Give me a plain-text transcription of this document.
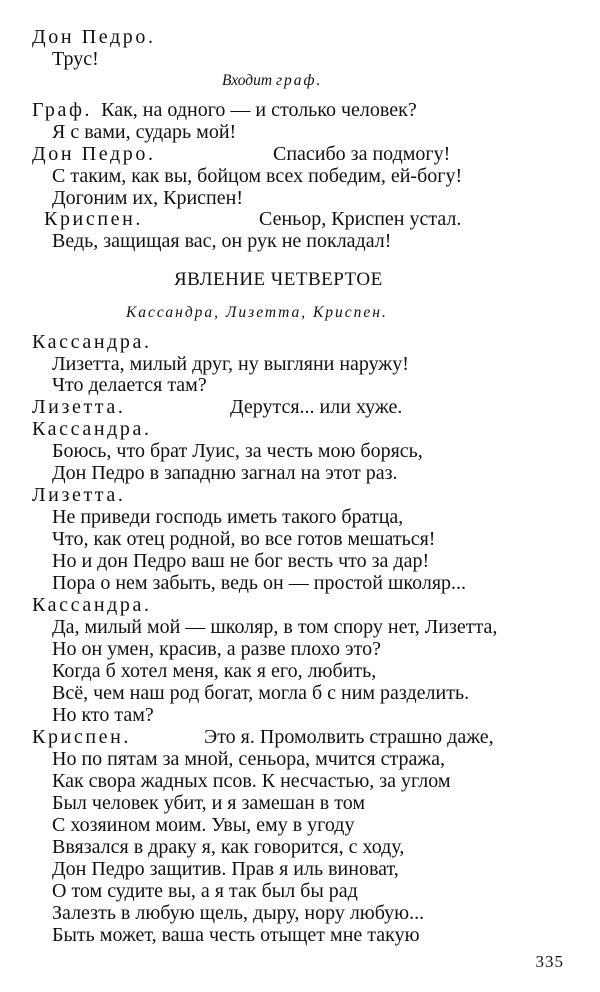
Дон Педро.
Трус!
Входит граф.
Граф. Как, на одного — и столько человек?
Я с вами, сударь мой!
Дон Педро.	Спасибо за подмогу!
С таким, как вы, бойцом всех победим, ей-богу!
Догоним их, Криспен!
Криспен.	Сеньор, Криспен устал.
Ведь, защищая вас, он рук не покладал!
ЯВЛЕНИЕ ЧЕТВЕРТОЕ
Кассандра, Лизетта, Криспен.
Кассандра.
Лизетта, милый друг, ну выгляни наружу!
Что делается там?
Лизетта.	Дерутся... или хуже.
Кассандра.
Боюсь, что брат Луис, за честь мою борясь,
Дон Педро в западню загнал на этот раз.
Лизетта.
Не приведи господь иметь такого братца,
Что, как отец родной, во все готов мешаться!
Но и дон Педро ваш не бог весть что за дар!
Пора о нем забыть, ведь он — простой школяр...
Кассандра.
Да, милый мой — школяр, в том спору нет, Лизетта,
Но он умен, красив, а разве плохо это?
Когда б хотел меня, как я его, любить,
Всё, чем наш род богат, могла б с ним разделить.
Но кто там?
Криспен.	Это я. Промолвить страшно даже,
Но по пятам за мной, сеньора, мчится стража,
Как свора жадных псов. К несчастью, за углом
Был человек убит, и я замешан в том
С хозяином моим. Увы, ему в угоду
Ввязался в драку я, как говорится, с ходу,
Дон Педро защитив. Прав я иль виноват,
О том судите вы, а я так был бы рад
Залезть в любую щель, дыру, нору любую...
Быть может, ваша честь отыщет мне такую
335
